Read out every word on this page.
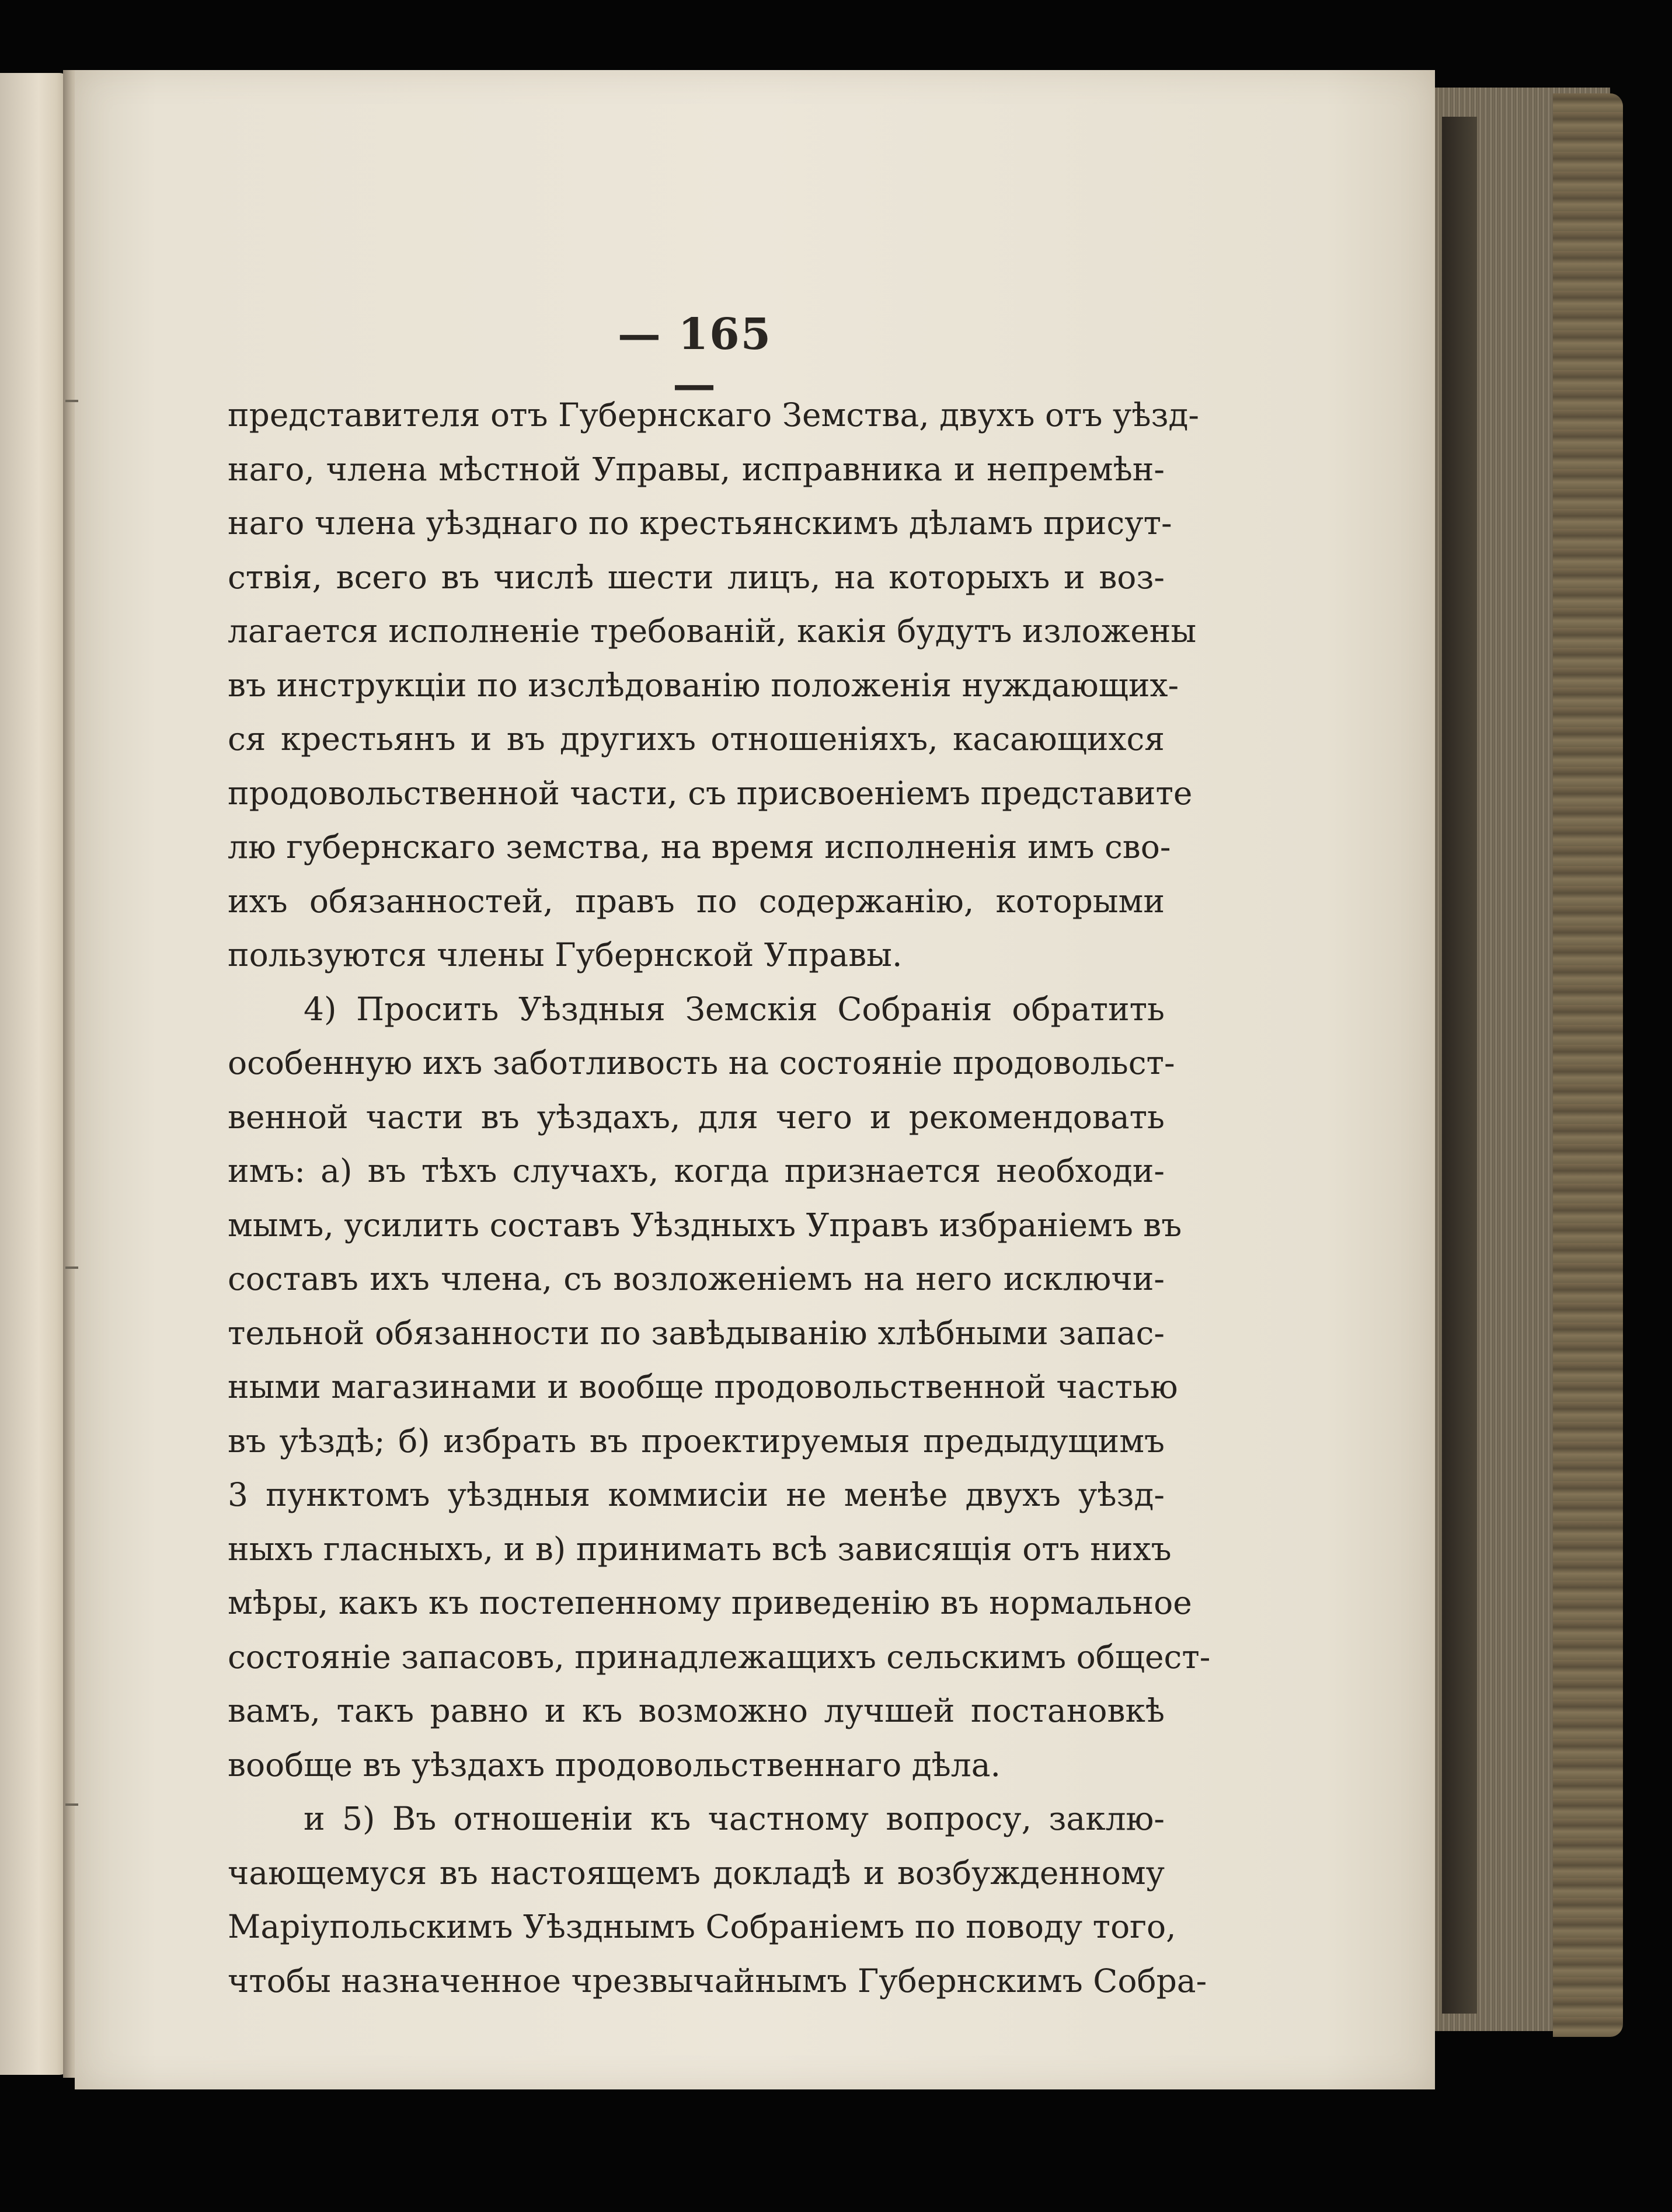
— 165 —
представителя отъ Губернскаго Земства, двухъ отъ уѣзд-
наго, члена мѣстной Управы, исправника и непремѣн-
наго члена уѣзднаго по крестьянскимъ дѣламъ присут-
ствія, всего въ числѣ шести лицъ, на которыхъ и воз-
лагается исполненіе требованій, какія будутъ изложены
въ инструкціи по изслѣдованію положенія нуждающих-
ся крестьянъ и въ другихъ отношеніяхъ, касающихся
продовольственной части, съ присвоеніемъ представите
лю губернскаго земства, на время исполненія имъ сво-
ихъ обязанностей, правъ по содержанію, которыми
пользуются члены Губернской Управы.
4) Просить Уѣздныя Земскія Собранія обратить
особенную ихъ заботливость на состояніе продовольст-
венной части въ уѣздахъ, для чего и рекомендовать
имъ: а) въ тѣхъ случахъ, когда признается необходи-
мымъ, усилить составъ Уѣздныхъ Управъ избраніемъ въ
составъ ихъ члена, съ возложеніемъ на него исключи-
тельной обязанности по завѣдыванію хлѣбными запас-
ными магазинами и вообще продовольственной частью
въ уѣздѣ; б) избрать въ проектируемыя предыдущимъ
3 пунктомъ уѣздныя коммисіи не менѣе двухъ уѣзд-
ныхъ гласныхъ, и в) принимать всѣ зависящія отъ нихъ
мѣры, какъ къ постепенному приведенію въ нормальное
состояніе запасовъ, принадлежащихъ сельскимъ общест-
вамъ, такъ равно и къ возможно лучшей постановкѣ
вообще въ уѣздахъ продовольственнаго дѣла.
и 5) Въ отношеніи къ частному вопросу, заклю-
чающемуся въ настоящемъ докладѣ и возбужденному
Маріупольскимъ Уѣзднымъ Собраніемъ по поводу того,
чтобы назначенное чрезвычайнымъ Губернскимъ Собра-
